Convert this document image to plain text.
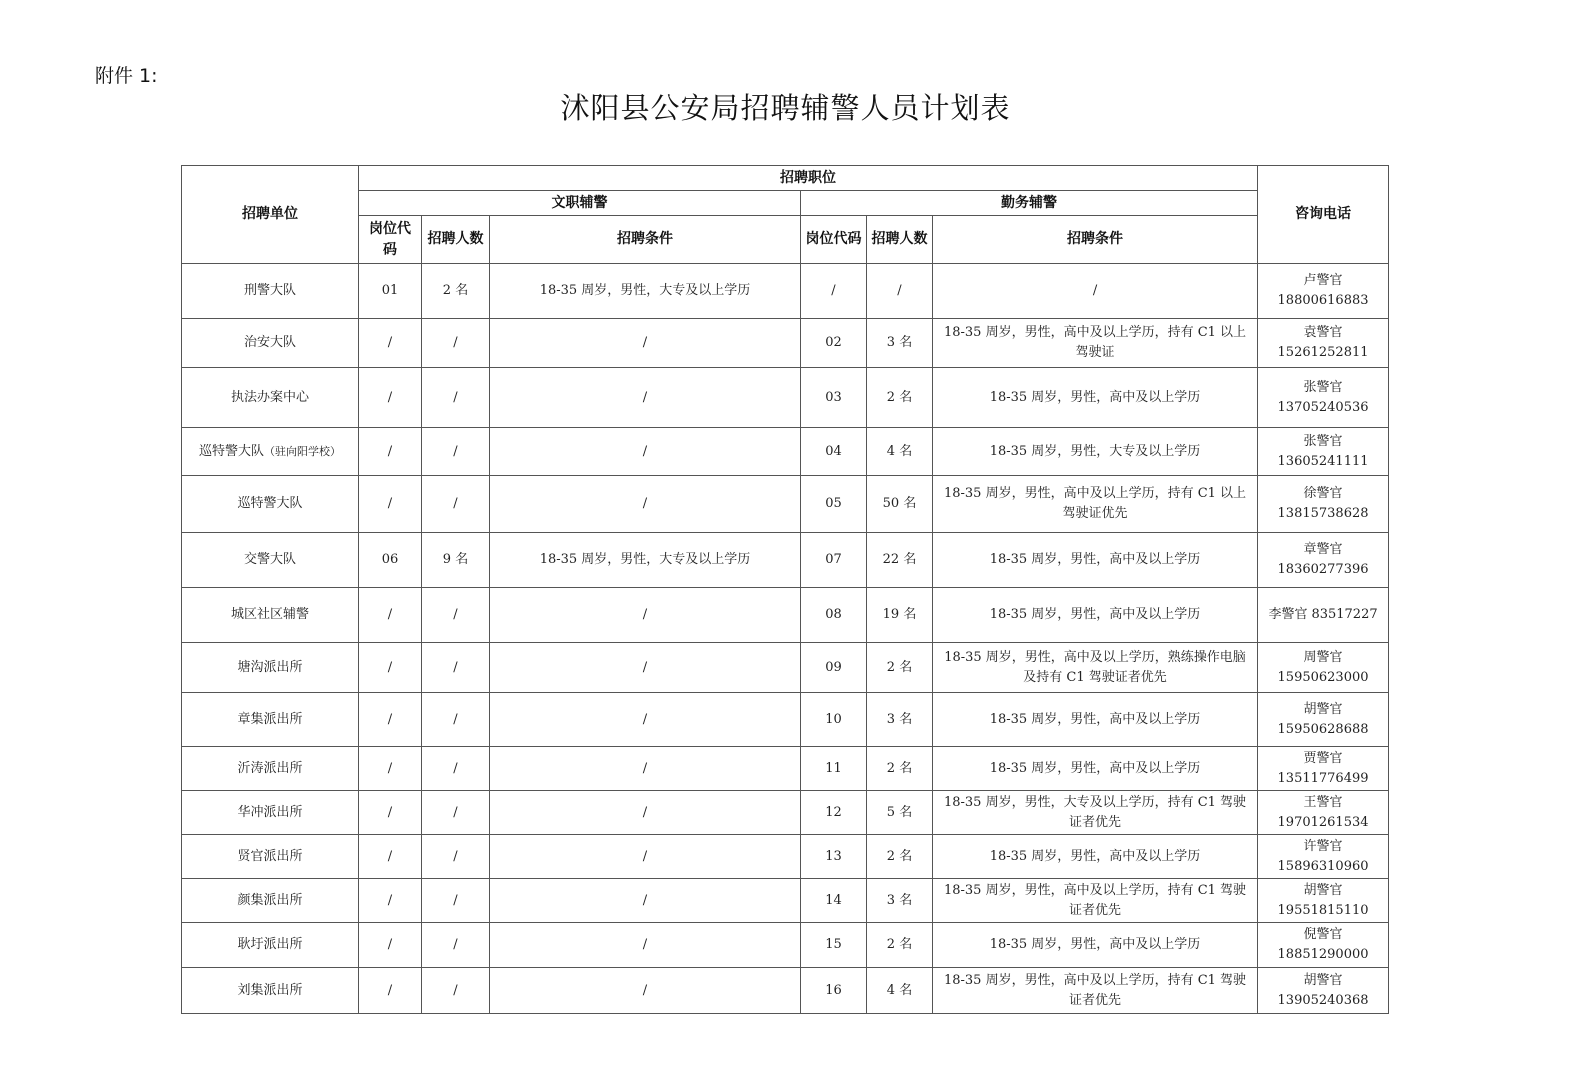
附件 1:
沭阳县公安局招聘辅警人员计划表
招聘单位	招聘职位						咨询电话
	文职辅警			勤务辅警			
	岗位代码	招聘人数	招聘条件	岗位代码	招聘人数	招聘条件	
刑警大队	01	2 名	18-35 周岁，男性，大专及以上学历	/	/	/	卢警官
18800616883

治安大队	/	/	/	02	3 名	18-35 周岁，男性，高中及以上学历，持有 C1 以上驾驶证	袁警官
15261252811

执法办案中心	/	/	/	03	2 名	18-35 周岁，男性，高中及以上学历	张警官
13705240536

巡特警大队（驻向阳学校）	/	/	/	04	4 名	18-35 周岁，男性，大专及以上学历	张警官
13605241111

巡特警大队	/	/	/	05	50 名	18-35 周岁，男性，高中及以上学历，持有 C1 以上驾驶证优先	徐警官
13815738628

交警大队	06	9 名	18-35 周岁，男性，大专及以上学历	07	22 名	18-35 周岁，男性，高中及以上学历	章警官
18360277396

城区社区辅警	/	/	/	08	19 名	18-35 周岁，男性，高中及以上学历	李警官 83517227
塘沟派出所	/	/	/	09	2 名	18-35 周岁，男性，高中及以上学历，熟练操作电脑及持有 C1 驾驶证者优先	周警官
15950623000

章集派出所	/	/	/	10	3 名	18-35 周岁，男性，高中及以上学历	胡警官
15950628688

沂涛派出所	/	/	/	11	2 名	18-35 周岁，男性，高中及以上学历	贾警官
13511776499

华冲派出所	/	/	/	12	5 名	18-35 周岁，男性，大专及以上学历，持有 C1 驾驶证者优先	王警官
19701261534

贤官派出所	/	/	/	13	2 名	18-35 周岁，男性，高中及以上学历	许警官
15896310960

颜集派出所	/	/	/	14	3 名	18-35 周岁，男性，高中及以上学历，持有 C1 驾驶证者优先	胡警官
19551815110

耿圩派出所	/	/	/	15	2 名	18-35 周岁，男性，高中及以上学历	倪警官
18851290000

刘集派出所	/	/	/	16	4 名	18-35 周岁，男性，高中及以上学历，持有 C1 驾驶证者优先	胡警官
13905240368
